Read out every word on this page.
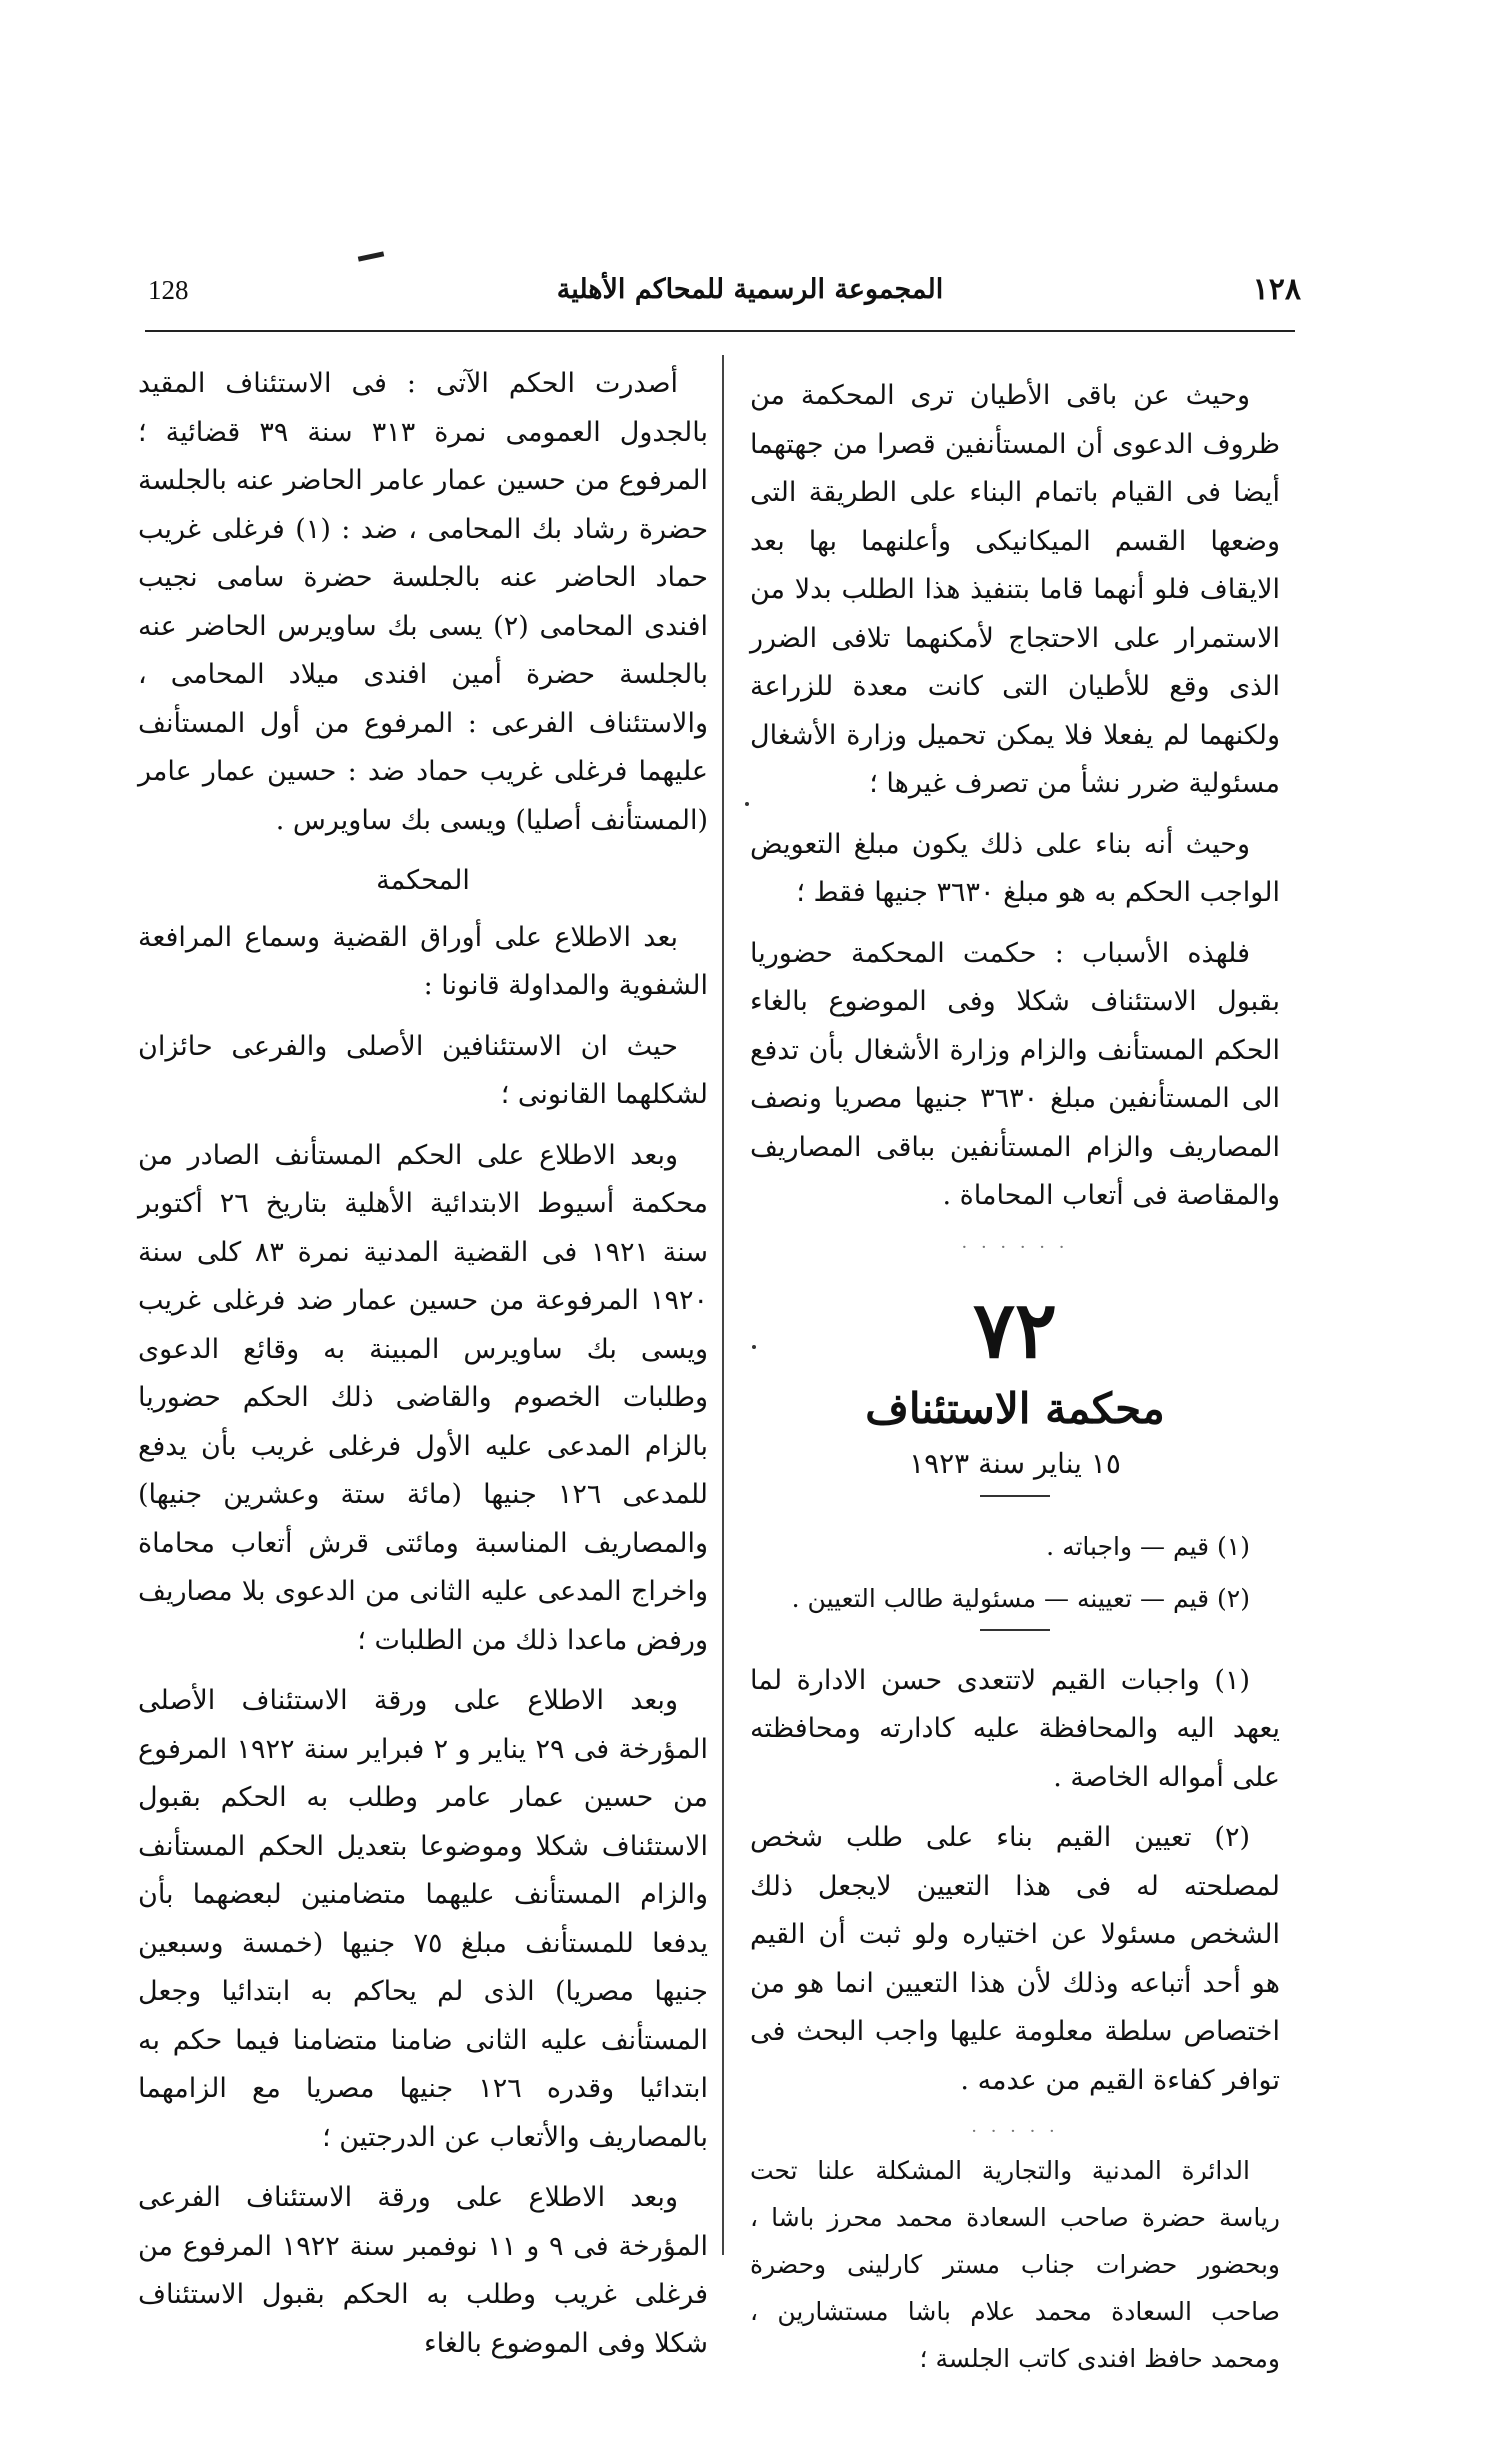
128	المجموعة الرسمية للمحاكم الأهلية	١٢٨

وحيث عن باقى الأطيان ترى المحكمة من ظروف الدعوى أن المستأنفين قصرا من جهتهما أيضا فى القيام باتمام البناء على الطريقة التى وضعها القسم الميكانيكى وأعلنهما بها بعد الايقاف فلو أنهما قاما بتنفيذ هذا الطلب بدلا من الاستمرار على الاحتجاج لأمكنهما تلافى الضرر الذى وقع للأطيان التى كانت معدة للزراعة ولكنهما لم يفعلا فلا يمكن تحميل وزارة الأشغال مسئولية ضرر نشأ من تصرف غيرها ؛

وحيث أنه بناء على ذلك يكون مبلغ التعويض الواجب الحكم به هو مبلغ ٣٦٣٠ جنيها فقط ؛

فلهذه الأسباب : حكمت المحكمة حضوريا بقبول الاستئناف شكلا وفى الموضوع بالغاء الحكم المستأنف والزام وزارة الأشغال بأن تدفع الى المستأنفين مبلغ ٣٦٣٠ جنيها مصريا ونصف المصاريف والزام المستأنفين بباقى المصاريف والمقاصة فى أتعاب المحاماة .

· · · · · ·
٧٢
محكمة الاستئناف
١٥ يناير سنة ١٩٢٣
(١) قيم — واجباته .
(٢) قيم — تعيينه — مسئولية طالب التعيين .

(١) واجبات القيم لاتتعدى حسن الادارة لما يعهد اليه والمحافظة عليه كادارته ومحافظته على أمواله الخاصة .

(٢) تعيين القيم بناء على طلب شخص لمصلحته له فى هذا التعيين لايجعل ذلك الشخص مسئولا عن اختياره ولو ثبت أن القيم هو أحد أتباعه وذلك لأن هذا التعيين انما هو من اختصاص سلطة معلومة عليها واجب البحث فى توافر كفاءة القيم من عدمه .

· · · · ·

الدائرة المدنية والتجارية المشكلة علنا تحت رياسة حضرة صاحب السعادة محمد محرز باشا ، وبحضور حضرات جناب مستر كارلينى وحضرة صاحب السعادة محمد علام باشا مستشارين ، ومحمد حافظ افندى كاتب الجلسة ؛

أصدرت الحكم الآتى : فى الاستئناف المقيد بالجدول العمومى نمرة ٣١٣ سنة ٣٩ قضائية ؛ المرفوع من حسين عمار عامر الحاضر عنه بالجلسة حضرة رشاد بك المحامى ، ضد : (١) فرغلى غريب حماد الحاضر عنه بالجلسة حضرة سامى نجيب افندى المحامى (٢) يسى بك ساويرس الحاضر عنه بالجلسة حضرة أمين افندى ميلاد المحامى ، والاستئناف الفرعى : المرفوع من أول المستأنف عليهما فرغلى غريب حماد ضد : حسين عمار عامر (المستأنف أصليا) ويسى بك ساويرس .

المحكمة

بعد الاطلاع على أوراق القضية وسماع المرافعة الشفوية والمداولة قانونا :

حيث ان الاستئنافين الأصلى والفرعى حائزان لشكلهما القانونى ؛

وبعد الاطلاع على الحكم المستأنف الصادر من محكمة أسيوط الابتدائية الأهلية بتاريخ ٢٦ أكتوبر سنة ١٩٢١ فى القضية المدنية نمرة ٨٣ كلى سنة ١٩٢٠ المرفوعة من حسين عمار ضد فرغلى غريب ويسى بك ساويرس المبينة به وقائع الدعوى وطلبات الخصوم والقاضى ذلك الحكم حضوريا بالزام المدعى عليه الأول فرغلى غريب بأن يدفع للمدعى ١٢٦ جنيها (مائة ستة وعشرين جنيها) والمصاريف المناسبة ومائتى قرش أتعاب محاماة واخراج المدعى عليه الثانى من الدعوى بلا مصاريف ورفض ماعدا ذلك من الطلبات ؛

وبعد الاطلاع على ورقة الاستئناف الأصلى المؤرخة فى ٢٩ يناير و ٢ فبراير سنة ١٩٢٢ المرفوع من حسين عمار عامر وطلب به الحكم بقبول الاستئناف شكلا وموضوعا بتعديل الحكم المستأنف والزام المستأنف عليهما متضامنين لبعضهما بأن يدفعا للمستأنف مبلغ ٧٥ جنيها (خمسة وسبعين جنيها مصريا) الذى لم يحاكم به ابتدائيا وجعل المستأنف عليه الثانى ضامنا متضامنا فيما حكم به ابتدائيا وقدره ١٢٦ جنيها مصريا مع الزامهما بالمصاريف والأتعاب عن الدرجتين ؛

وبعد الاطلاع على ورقة الاستئناف الفرعى المؤرخة فى ٩ و ١١ نوفمبر سنة ١٩٢٢ المرفوع من فرغلى غريب وطلب به الحكم بقبول الاستئناف شكلا وفى الموضوع بالغاء
